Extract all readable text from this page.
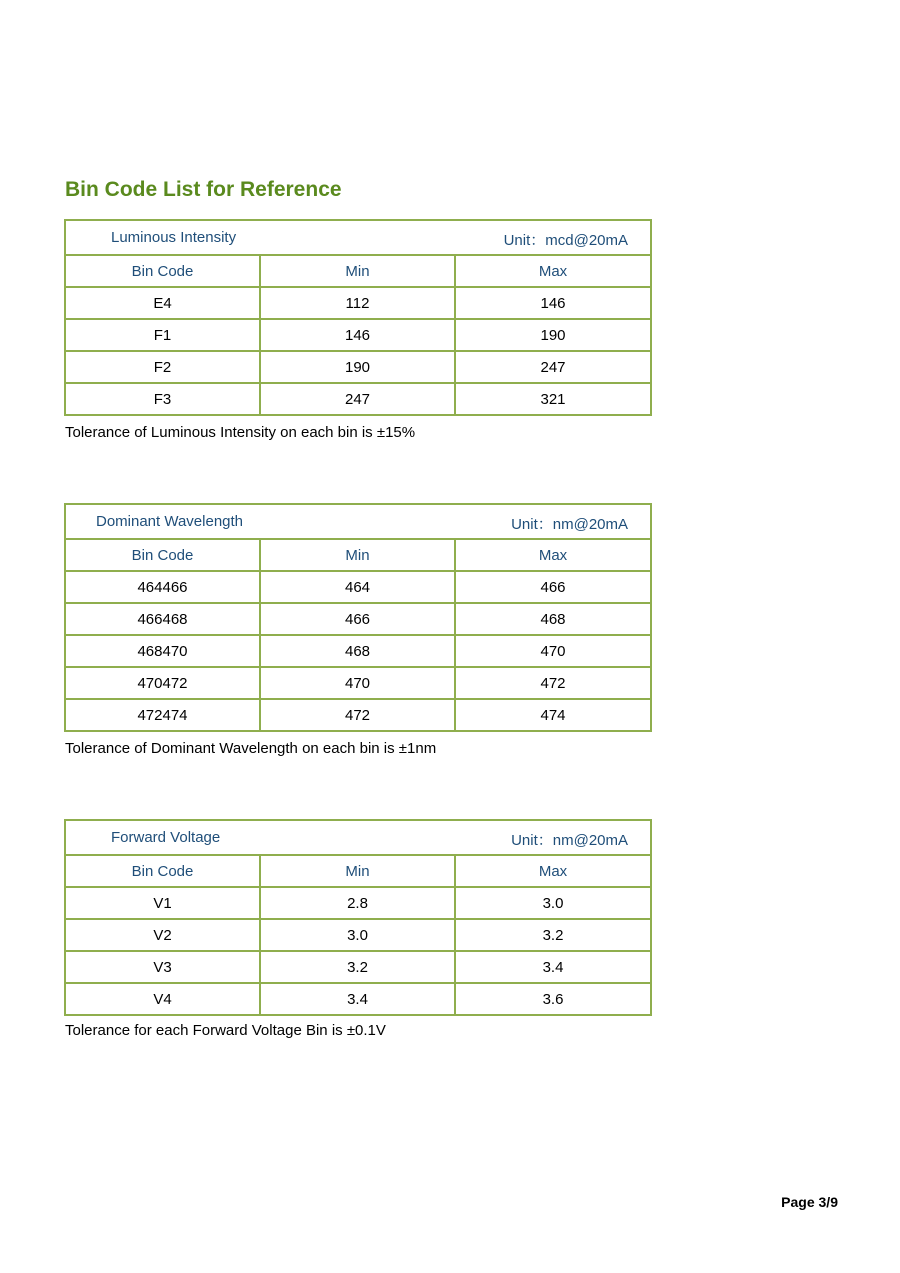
Bin Code List for Reference
Luminous Intensity Unit：mcd@20mA		

Bin Code	Min	Max
E4	112	146
F1	146	190
F2	190	247
F3	247	321

Tolerance of Luminous Intensity on each bin is ±15%

Dominant Wavelength Unit：nm@20mA		

Bin Code	Min	Max
464466	464	466
466468	466	468
468470	468	470
470472	470	472
472474	472	474

Tolerance of Dominant Wavelength on each bin is ±1nm

Forward Voltage Unit：nm@20mA		

Bin Code	Min	Max
V1	2.8	3.0
V2	3.0	3.2
V3	3.2	3.4
V4	3.4	3.6

Tolerance for each Forward Voltage Bin is ±0.1V

Page 3/9
